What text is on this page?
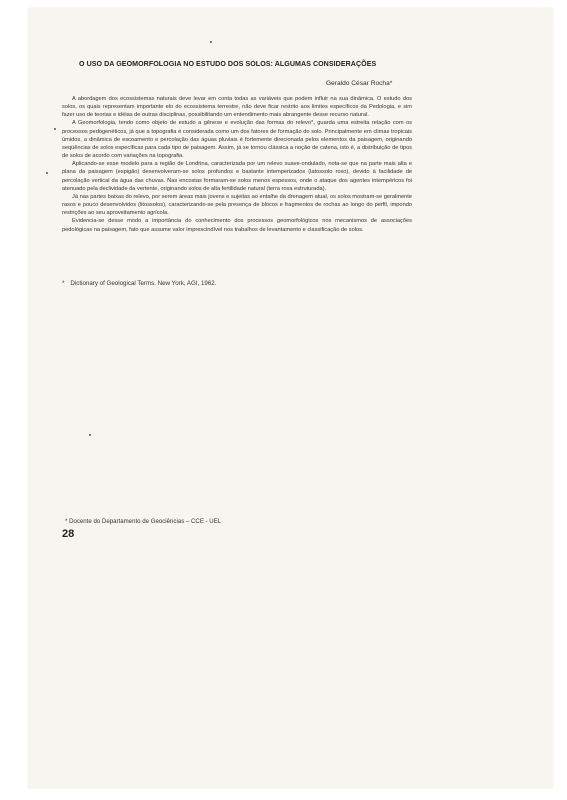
O USO DA GEOMORFOLOGIA NO ESTUDO DOS SOLOS: ALGUMAS CONSIDERAÇÕES
Geraldo César Rocha*

A abordagem dos ecossistemas naturais deve levar em conta todas as variáveis que podem influir na sua dinâmica. O estudo dos solos, os quais representam importante elo do ecossistema terrestre, não deve ficar restrito aos limites específicos da Pedologia, e sim fazer uso de teorias e idéias de outras disciplinas, possibilitando um entendimento mais abrangente desse recurso natural.

A Geomorfologia, tendo como objeto de estudo a gênese e evolução das formas do relevo*, guarda uma estreita relação com os processos pedogenéticos, já que a topografia é considerada como um dos fatores de formação do solo. Principalmente em climas tropicais úmidos, a dinâmica de escoamento e percolação das águas pluviais é fortemente direcionada pelos elementos da paisagem, originando seqüências de solos específicas para cada tipo de paisagem. Assim, já se tornou clássica a noção de catena, isto é, a distribuição de tipos de solos de acordo com variações na topografia.

Aplicando-se esse modelo para a região de Londrina, caracterizada por um relevo suave-ondulado, nota-se que na parte mais alta e plana da paisagem (espigão) desenvolveram-se solos profundos e bastante intemperizados (latossolo roxo), devido à facilidade de percolação vertical da água das chuvas. Nas encostas formaram-se solos menos espessos, onde o ataque dos agentes intempéricos foi atenuado pela declividade da vertente, originando solos de alta fertilidade natural (terra roxa estruturada).

Já nas partes baixas do relevo, por serem áreas mais jovens e sujeitas ao entalhe da drenagem atual, os solos mostram-se geralmente rasos e pouco desenvolvidos (litossolos), caracterizando-se pela presença de blocos e fragmentos de rochas ao longo do perfil, impondo restrições ao seu aproveitamento agrícola.

Evidencia-se desse modo a importância do conhecimento dos processos geomorfológicos nos mecanismos de associações pedológicas na paisagem, fato que assume valor imprescindível nos trabalhos de levantamento e classificação de solos.

* Dictionary of Geological Terms. New York, AGI, 1962.
* Docente do Departamento de Geociências – CCE - UEL
28
